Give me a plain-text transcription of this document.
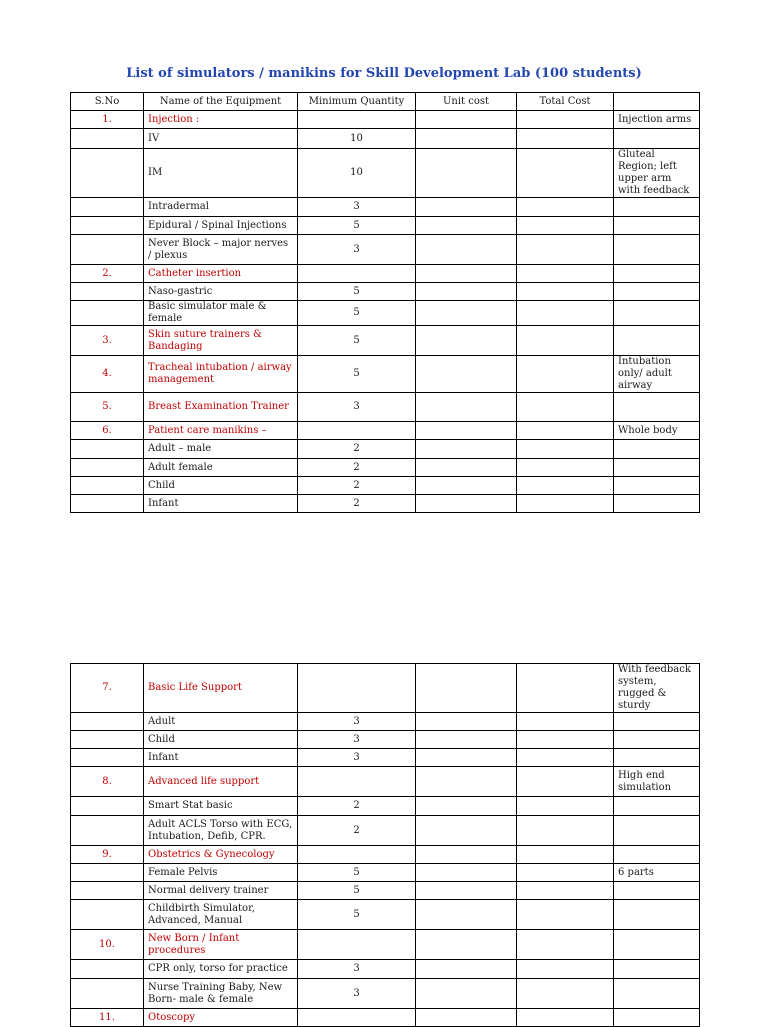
List of simulators / manikins for Skill Development Lab (100 students)
S.No	Name of the Equipment	Minimum Quantity	Unit cost	Total Cost	
1.	Injection :				Injection arms
	IV	10			
	IM	10			Gluteal Region; left upper arm with feedback
	Intradermal	3			
	Epidural / Spinal Injections	5			
	Never Block – major nerves / plexus	3			
2.	Catheter insertion				
	Naso-gastric	5			
	Basic simulator male & female	5			
3.	Skin suture trainers & Bandaging	5			
4.	Tracheal intubation / airway management	5			Intubation only/ adult airway
5.	Breast Examination Trainer	3			
6.	Patient care manikins –				Whole body
	Adult – male	2			
	Adult female	2			
	Child	2			
	Infant	2			
7.	Basic Life Support				With feedback system, rugged & sturdy
	Adult	3			
	Child	3			
	Infant	3			
8.	Advanced life support				High end simulation
	Smart Stat basic	2			
	Adult ACLS Torso with ECG, Intubation, Defib, CPR.	2			
9.	Obstetrics & Gynecology				
	Female Pelvis	5			6 parts
	Normal delivery trainer	5			
	Childbirth Simulator, Advanced, Manual	5			
10.	New Born / Infant procedures				
	CPR only, torso for practice	3			
	Nurse Training Baby, New Born- male & female	3			
11.	Otoscopy				
